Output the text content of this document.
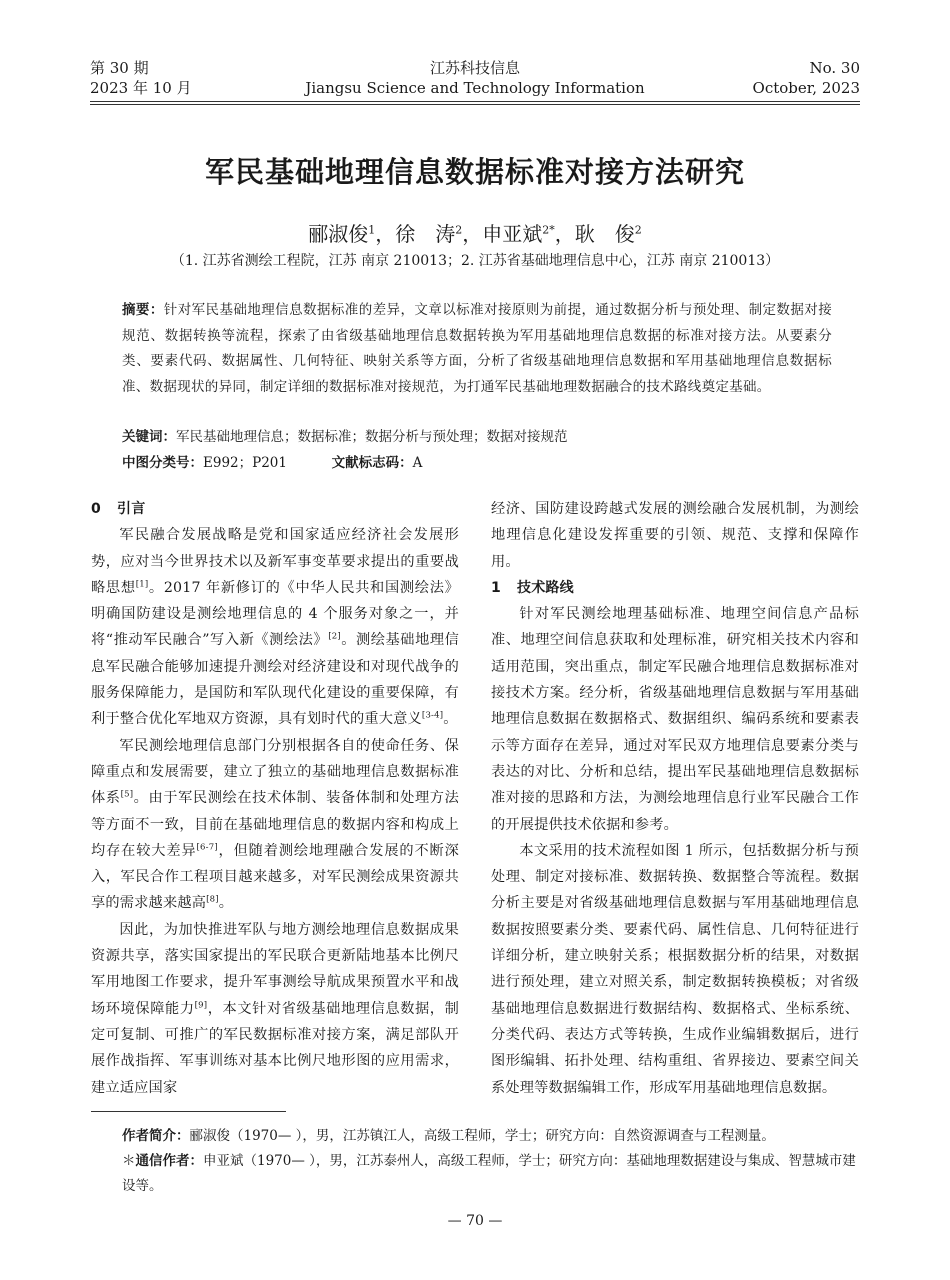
第 30 期
2023 年 10 月
江苏科技信息
Jiangsu Science and Technology Information
No. 30
October, 2023
军民基础地理信息数据标准对接方法研究
郦淑俊$^1$，徐　涛$^2$，申亚斌$^{2*}$，耿　俊$^2$
（1. 江苏省测绘工程院，江苏 南京 210013；2. 江苏省基础地理信息中心，江苏 南京 210013）
摘要：针对军民基础地理信息数据标准的差异，文章以标准对接原则为前提，通过数据分析与预处理、制定数据对接规范、数据转换等流程，探索了由省级基础地理信息数据转换为军用基础地理信息数据的标准对接方法。从要素分类、要素代码、数据属性、几何特征、映射关系等方面，分析了省级基础地理信息数据和军用基础地理信息数据标准、数据现状的异同，制定详细的数据标准对接规范，为打通军民基础地理数据融合的技术路线奠定基础。
关键词：军民基础地理信息；数据标准；数据分析与预处理；数据对接规范
中图分类号：E992；P201	文献标志码：A
0 引言

军民融合发展战略是党和国家适应经济社会发展形势，应对当今世界技术以及新军事变革要求提出的重要战略思想[1]。2017 年新修订的《中华人民共和国测绘法》明确国防建设是测绘地理信息的 4 个服务对象之一，并将“推动军民融合”写入新《测绘法》[2]。测绘基础地理信息军民融合能够加速提升测绘对经济建设和对现代战争的服务保障能力，是国防和军队现代化建设的重要保障，有利于整合优化军地双方资源，具有划时代的重大意义[3-4]。

军民测绘地理信息部门分别根据各自的使命任务、保障重点和发展需要，建立了独立的基础地理信息数据标准体系[5]。由于军民测绘在技术体制、装备体制和处理方法等方面不一致，目前在基础地理信息的数据内容和构成上均存在较大差异[6-7]，但随着测绘地理融合发展的不断深入，军民合作工程项目越来越多，对军民测绘成果资源共享的需求越来越高[8]。

因此，为加快推进军队与地方测绘地理信息数据成果资源共享，落实国家提出的军民联合更新陆地基本比例尺军用地图工作要求，提升军事测绘导航成果预置水平和战场环境保障能力[9]，本文针对省级基础地理信息数据，制定可复制、可推广的军民数据标准对接方案，满足部队开展作战指挥、军事训练对基本比例尺地形图的应用需求，建立适应国家

经济、国防建设跨越式发展的测绘融合发展机制，为测绘地理信息化建设发挥重要的引领、规范、支撑和保障作用。

1 技术路线

针对军民测绘地理基础标准、地理空间信息产品标准、地理空间信息获取和处理标准，研究相关技术内容和适用范围，突出重点，制定军民融合地理信息数据标准对接技术方案。经分析，省级基础地理信息数据与军用基础地理信息数据在数据格式、数据组织、编码系统和要素表示等方面存在差异，通过对军民双方地理信息要素分类与表达的对比、分析和总结，提出军民基础地理信息数据标准对接的思路和方法，为测绘地理信息行业军民融合工作的开展提供技术依据和参考。

本文采用的技术流程如图 1 所示，包括数据分析与预处理、制定对接标准、数据转换、数据整合等流程。数据分析主要是对省级基础地理信息数据与军用基础地理信息数据按照要素分类、要素代码、属性信息、几何特征进行详细分析，建立映射关系；根据数据分析的结果，对数据进行预处理，建立对照关系，制定数据转换模板；对省级基础地理信息数据进行数据结构、数据格式、坐标系统、分类代码、表达方式等转换，生成作业编辑数据后，进行图形编辑、拓扑处理、结构重组、省界接边、要素空间关系处理等数据编辑工作，形成军用基础地理信息数据。

作者简介：郦淑俊（1970— ），男，江苏镇江人，高级工程师，学士；研究方向：自然资源调查与工程测量。
＊通信作者：申亚斌（1970— ），男，江苏泰州人，高级工程师，学士；研究方向：基础地理数据建设与集成、智慧城市建设等。
— 70 —
